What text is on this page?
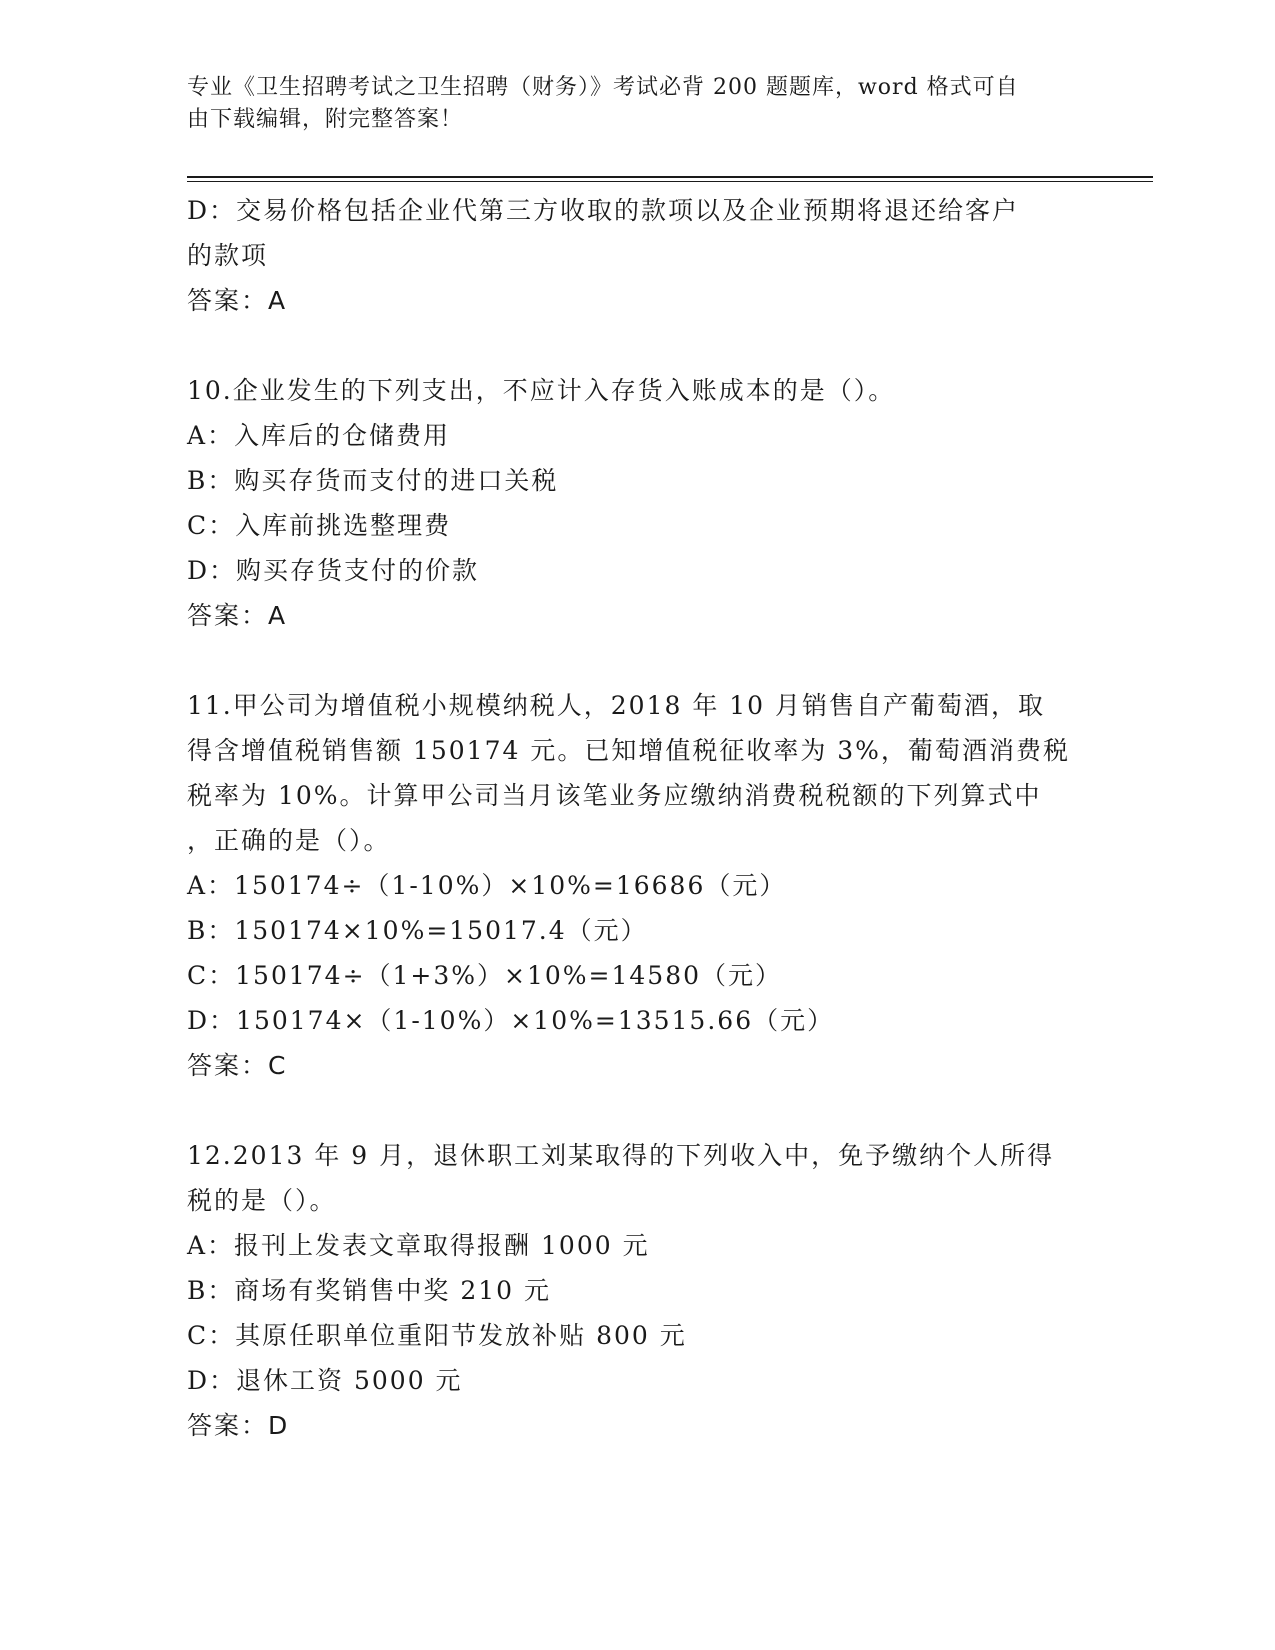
专业《卫生招聘考试之卫生招聘（财务）》考试必背 200 题题库，word 格式可自
由下载编辑，附完整答案！

D：交易价格包括企业代第三方收取的款项以及企业预期将退还给客户

的款项

答案：A

10.企业发生的下列支出，不应计入存货入账成本的是（）。

A：入库后的仓储费用

B：购买存货而支付的进口关税

C：入库前挑选整理费

D：购买存货支付的价款

答案：A

11.甲公司为增值税小规模纳税人，2018 年 10 月销售自产葡萄酒，取

得含增值税销售额 150174 元。已知增值税征收率为 3%，葡萄酒消费税

税率为 10%。计算甲公司当月该笔业务应缴纳消费税税额的下列算式中

，正确的是（）。

A：150174÷（1-10%）×10%=16686（元）

B：150174×10%=15017.4（元）

C：150174÷（1+3%）×10%=14580（元）

D：150174×（1-10%）×10%=13515.66（元）

答案：C

12.2013 年 9 月，退休职工刘某取得的下列收入中，免予缴纳个人所得

税的是（）。

A：报刊上发表文章取得报酬 1000 元

B：商场有奖销售中奖 210 元

C：其原任职单位重阳节发放补贴 800 元

D：退休工资 5000 元

答案：D
